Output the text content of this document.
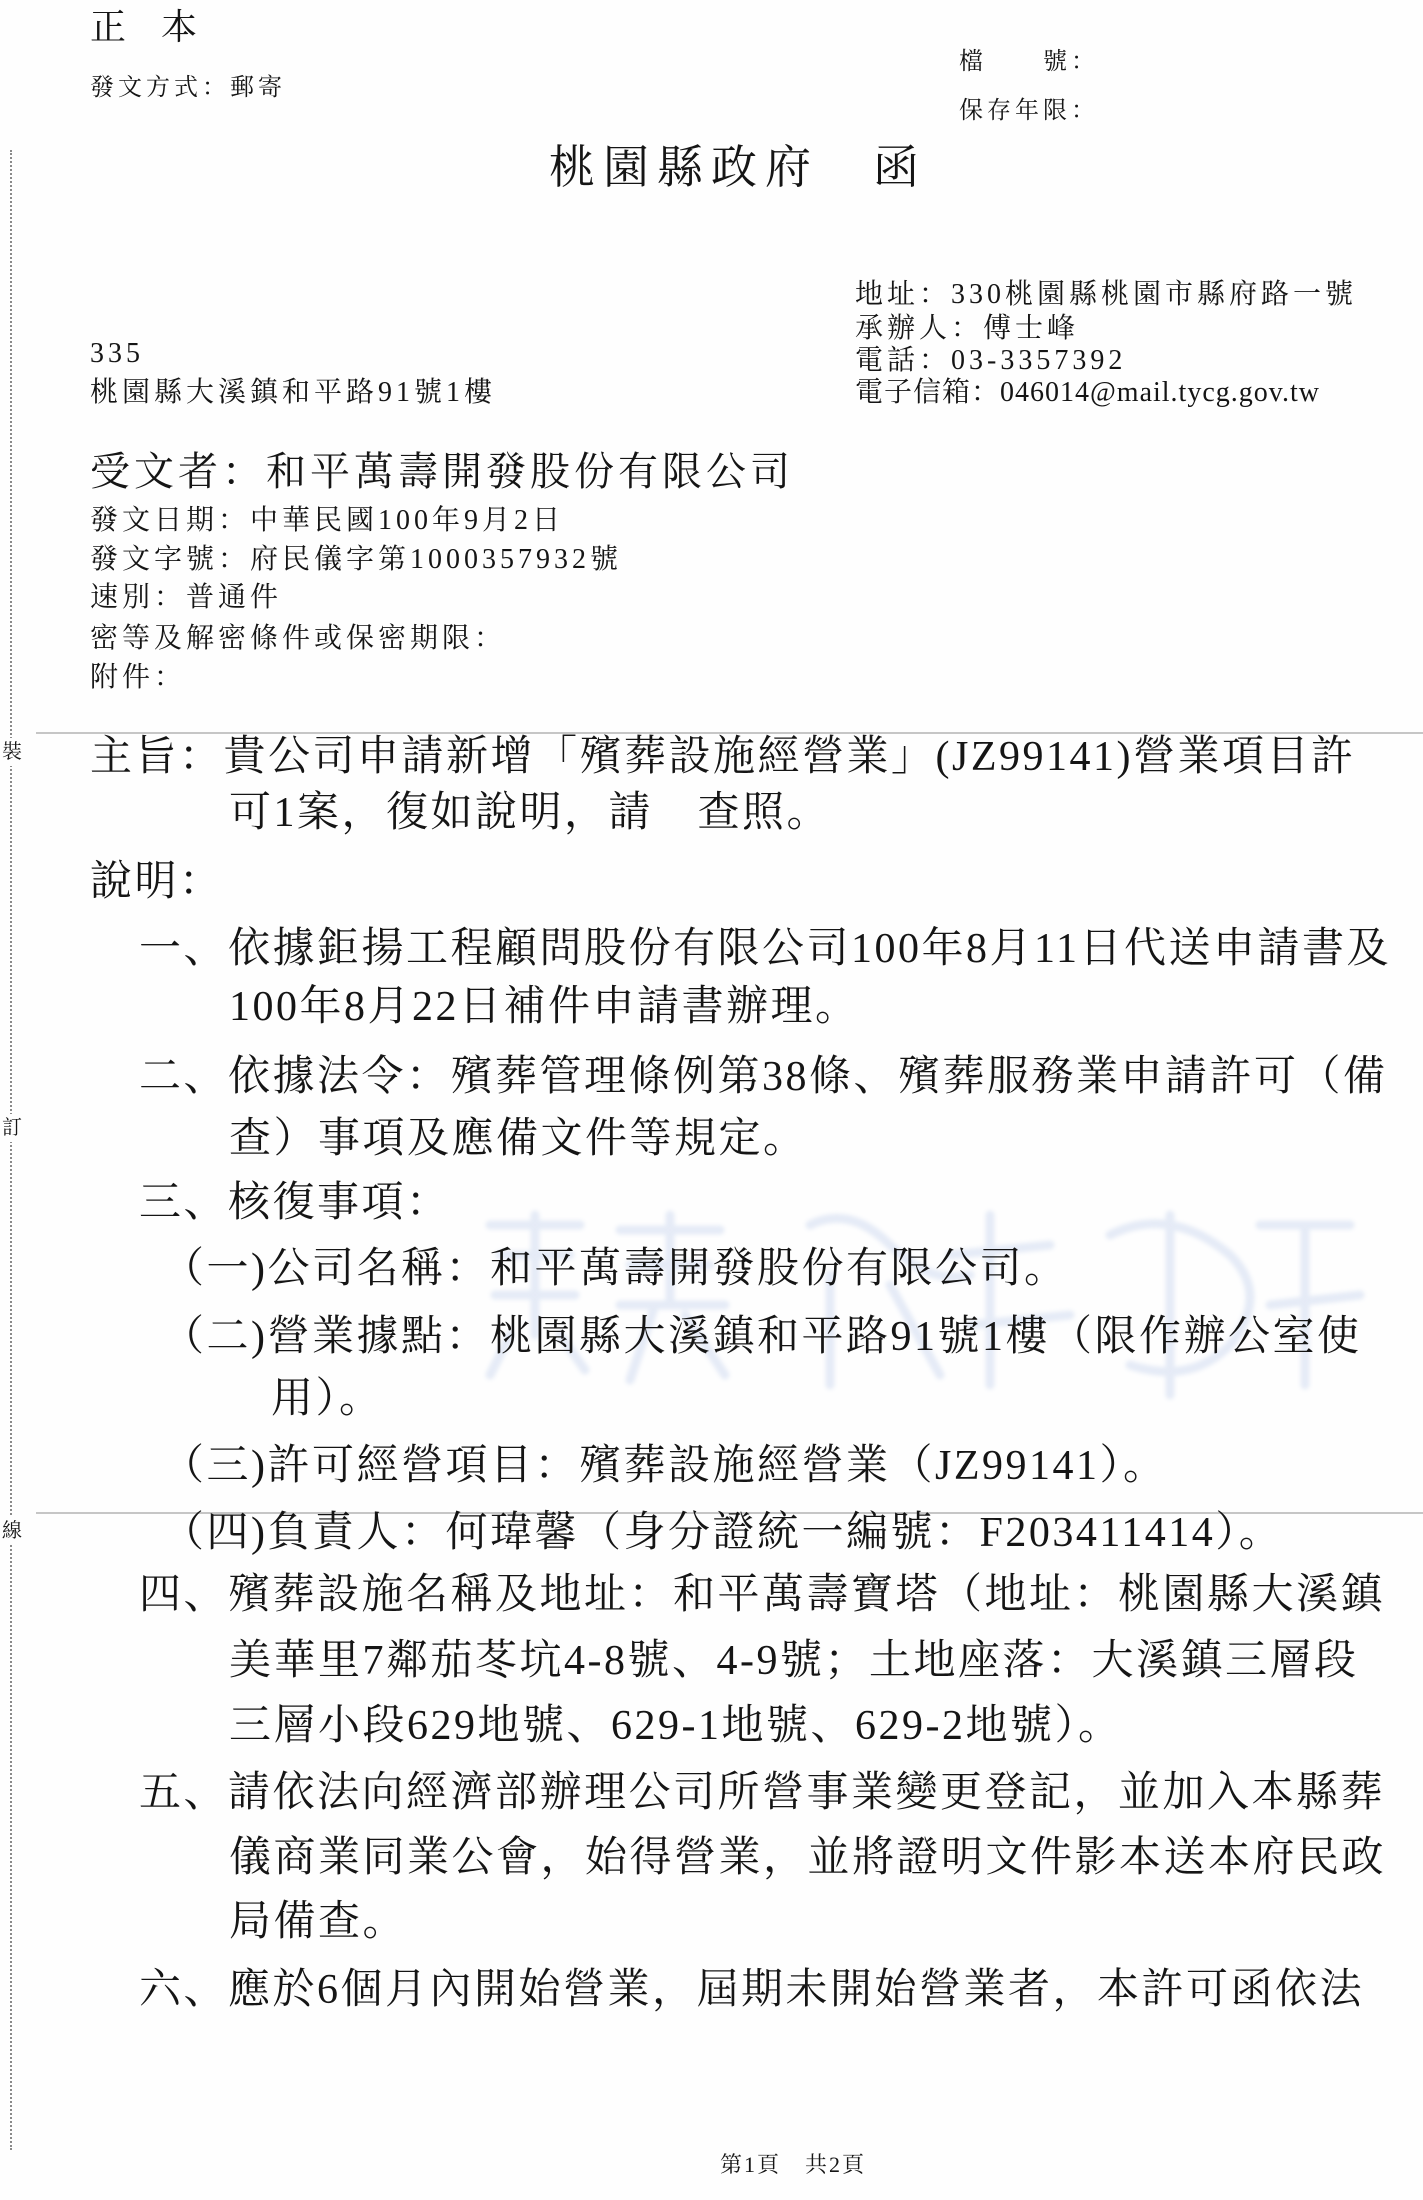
裝
訂
線
正 本
發文方式：郵寄
檔　　號：
保存年限：
桃園縣政府　函
地址：330桃園縣桃園市縣府路一號
承辦人：傅士峰
電話：03-3357392
電子信箱：046014@mail.tycg.gov.tw
335
桃園縣大溪鎮和平路91號1樓
受文者：和平萬壽開發股份有限公司
發文日期：中華民國100年9月2日
發文字號：府民儀字第1000357932號
速別：普通件
密等及解密條件或保密期限：
附件：
主旨：貴公司申請新增「殯葬設施經營業」(JZ99141)營業項目許
可1案，復如說明，請　查照。
說明：
一、依據鉅揚工程顧問股份有限公司100年8月11日代送申請書及
100年8月22日補件申請書辦理。
二、依據法令：殯葬管理條例第38條、殯葬服務業申請許可（備
查）事項及應備文件等規定。
三、核復事項：
（一)公司名稱：和平萬壽開發股份有限公司。
（二)營業據點：桃園縣大溪鎮和平路91號1樓（限作辦公室使
用）。
（三)許可經營項目：殯葬設施經營業（JZ99141）。
（四)負責人：何瑋馨（身分證統一編號：F203411414）。
四、殯葬設施名稱及地址：和平萬壽寶塔（地址：桃園縣大溪鎮
美華里7鄰茄苳坑4-8號、4-9號；土地座落：大溪鎮三層段
三層小段629地號、629-1地號、629-2地號）。
五、請依法向經濟部辦理公司所營事業變更登記，並加入本縣葬
儀商業同業公會，始得營業，並將證明文件影本送本府民政
局備查。
六、應於6個月內開始營業，屆期未開始營業者，本許可函依法
第1頁　共2頁
